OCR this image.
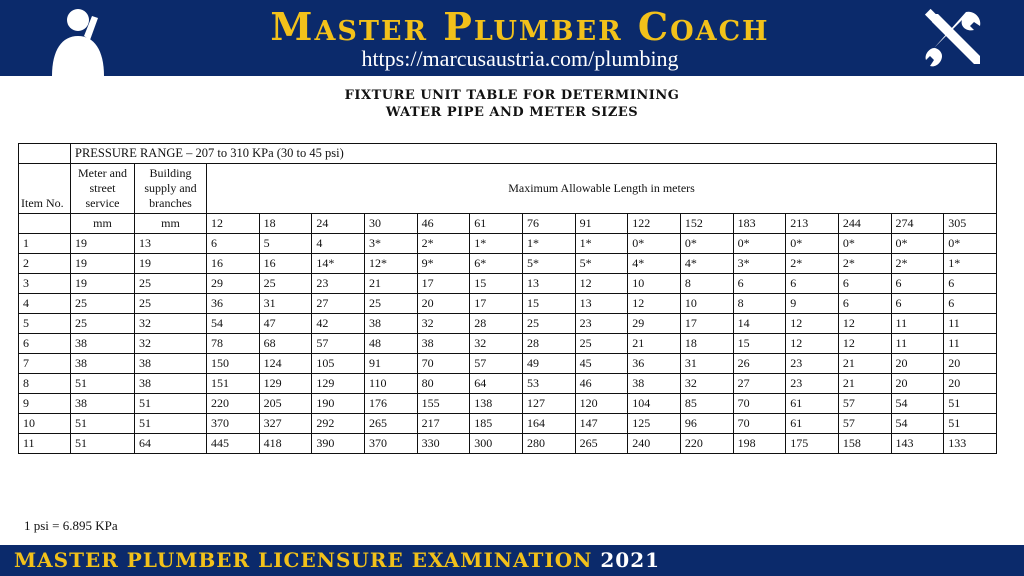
Master Plumber Coach
https://marcusaustria.com/plumbing
FIXTURE UNIT TABLE FOR DETERMINING
WATER PIPE AND METER SIZES
	PRESSURE RANGE – 207 to 310 KPa (30 to 45 psi)																
Item No.	Meter and street service	Building supply and branches	Maximum Allowable Length in meters														
	mm	mm	12	18	24	30	46	61	76	91	122	152	183	213	244	274	305
1	19	13	6	5	4	3*	2*	1*	1*	1*	0*	0*	0*	0*	0*	0*	0*
2	19	19	16	16	14*	12*	9*	6*	5*	5*	4*	4*	3*	2*	2*	2*	1*
3	19	25	29	25	23	21	17	15	13	12	10	8	6	6	6	6	6
4	25	25	36	31	27	25	20	17	15	13	12	10	8	9	6	6	6
5	25	32	54	47	42	38	32	28	25	23	29	17	14	12	12	11	11
6	38	32	78	68	57	48	38	32	28	25	21	18	15	12	12	11	11
7	38	38	150	124	105	91	70	57	49	45	36	31	26	23	21	20	20
8	51	38	151	129	129	110	80	64	53	46	38	32	27	23	21	20	20
9	38	51	220	205	190	176	155	138	127	120	104	85	70	61	57	54	51
10	51	51	370	327	292	265	217	185	164	147	125	96	70	61	57	54	51
11	51	64	445	418	390	370	330	300	280	265	240	220	198	175	158	143	133
1 psi = 6.895 KPa
MASTER PLUMBER LICENSURE EXAMINATION 2021
